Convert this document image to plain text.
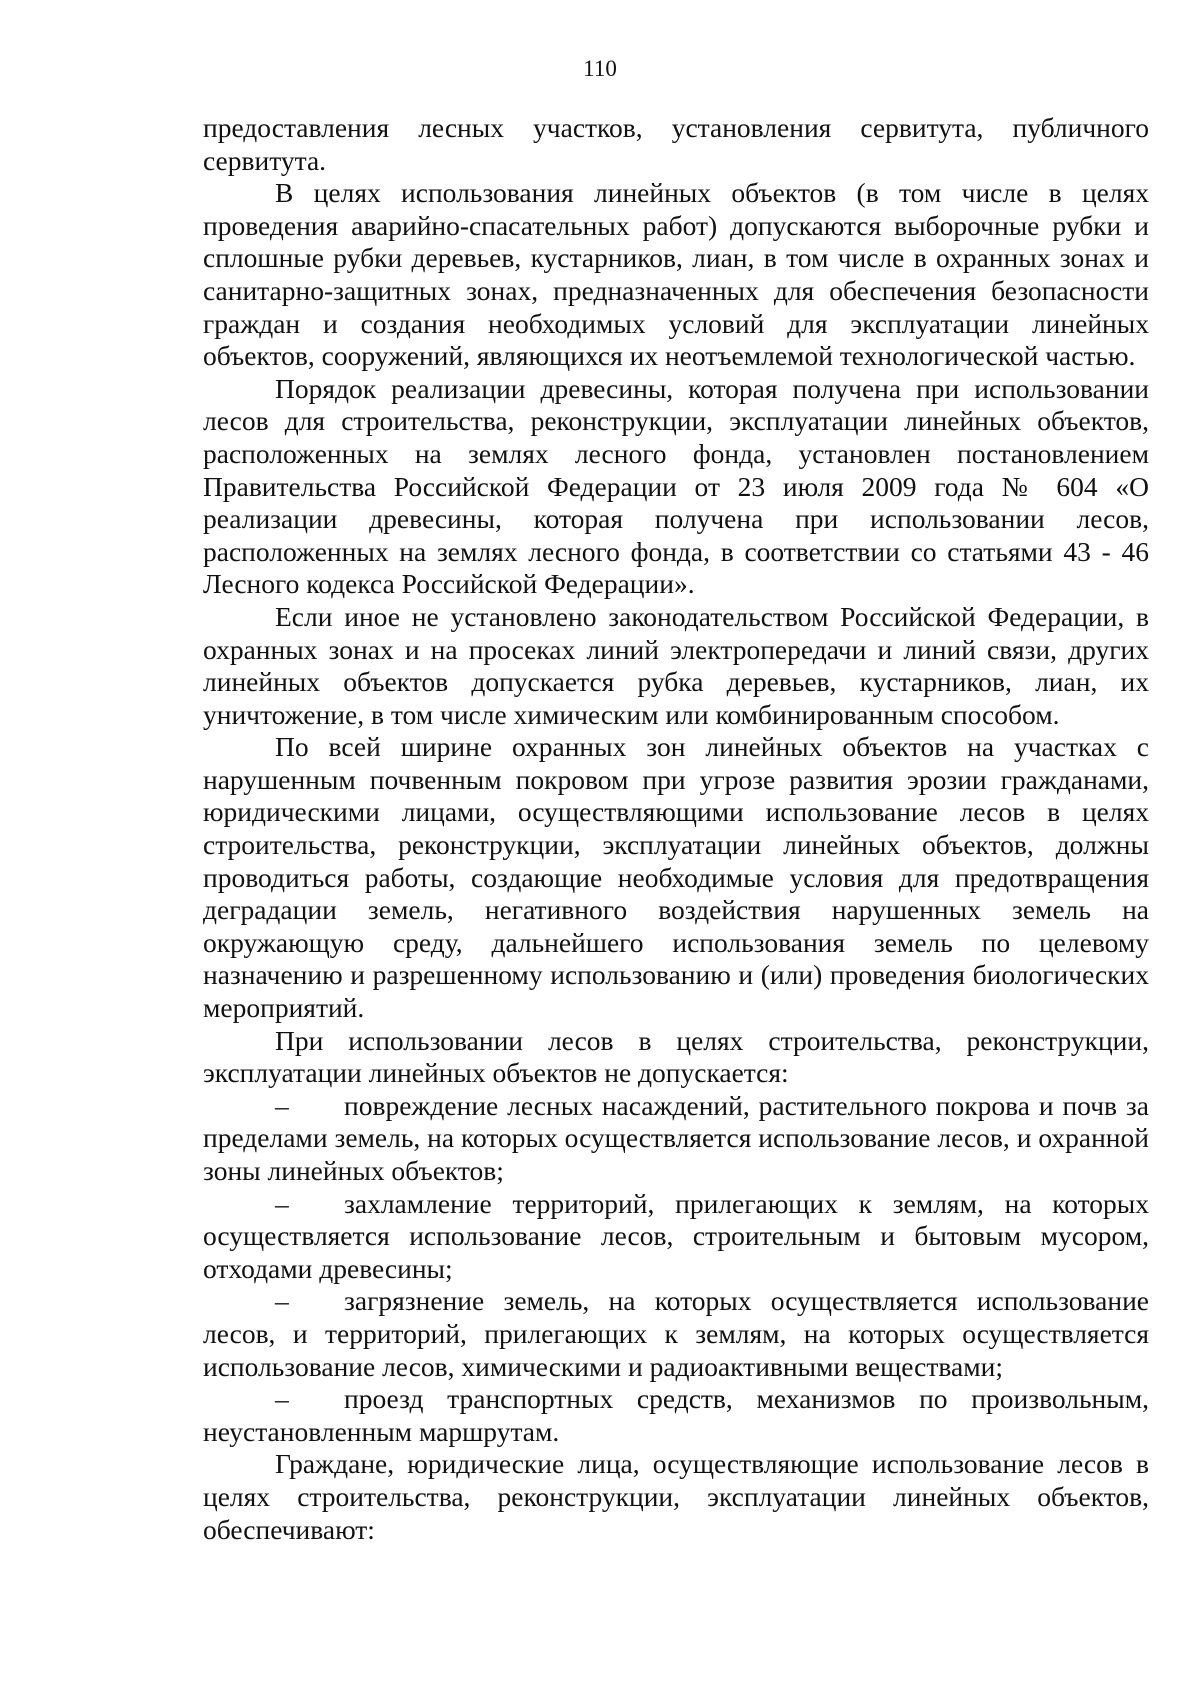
110

предоставления лесных участков, установления сервитута, публичного сервитута.

В целях использования линейных объектов (в том числе в целях проведения аварийно-спасательных работ) допускаются выборочные рубки и сплошные рубки деревьев, кустарников, лиан, в том числе в охранных зонах и санитарно-защитных зонах, предназначенных для обеспечения безопасности граждан и создания необходимых условий для эксплуатации линейных объектов, сооружений, являющихся их неотъемлемой технологической частью.

Порядок реализации древесины, которая получена при использовании лесов для строительства, реконструкции, эксплуатации линейных объектов, расположенных на землях лесного фонда, установлен постановлением Правительства Российской Федерации от 23 июля 2009 года № 604 «О реализации древесины, которая получена при использовании лесов, расположенных на землях лесного фонда, в соответствии со статьями 43 - 46 Лесного кодекса Российской Федерации».

Если иное не установлено законодательством Российской Федерации, в охранных зонах и на просеках линий электропередачи и линий связи, других линейных объектов допускается рубка деревьев, кустарников, лиан, их уничтожение, в том числе химическим или комбинированным способом.

По всей ширине охранных зон линейных объектов на участках с нарушенным почвенным покровом при угрозе развития эрозии гражданами, юридическими лицами, осуществляющими использование лесов в целях строительства, реконструкции, эксплуатации линейных объектов, должны проводиться работы, создающие необходимые условия для предотвращения деградации земель, негативного воздействия нарушенных земель на окружающую среду, дальнейшего использования земель по целевому назначению и разрешенному использованию и (или) проведения биологических мероприятий.

При использовании лесов в целях строительства, реконструкции, эксплуатации линейных объектов не допускается:

– повреждение лесных насаждений, растительного покрова и почв за пределами земель, на которых осуществляется использование лесов, и охранной зоны линейных объектов;

– захламление территорий, прилегающих к землям, на которых осуществляется использование лесов, строительным и бытовым мусором, отходами древесины;

– загрязнение земель, на которых осуществляется использование лесов, и территорий, прилегающих к землям, на которых осуществляется использование лесов, химическими и радиоактивными веществами;

– проезд транспортных средств, механизмов по произвольным, неустановленным маршрутам.

Граждане, юридические лица, осуществляющие использование лесов в целях строительства, реконструкции, эксплуатации линейных объектов, обеспечивают:
